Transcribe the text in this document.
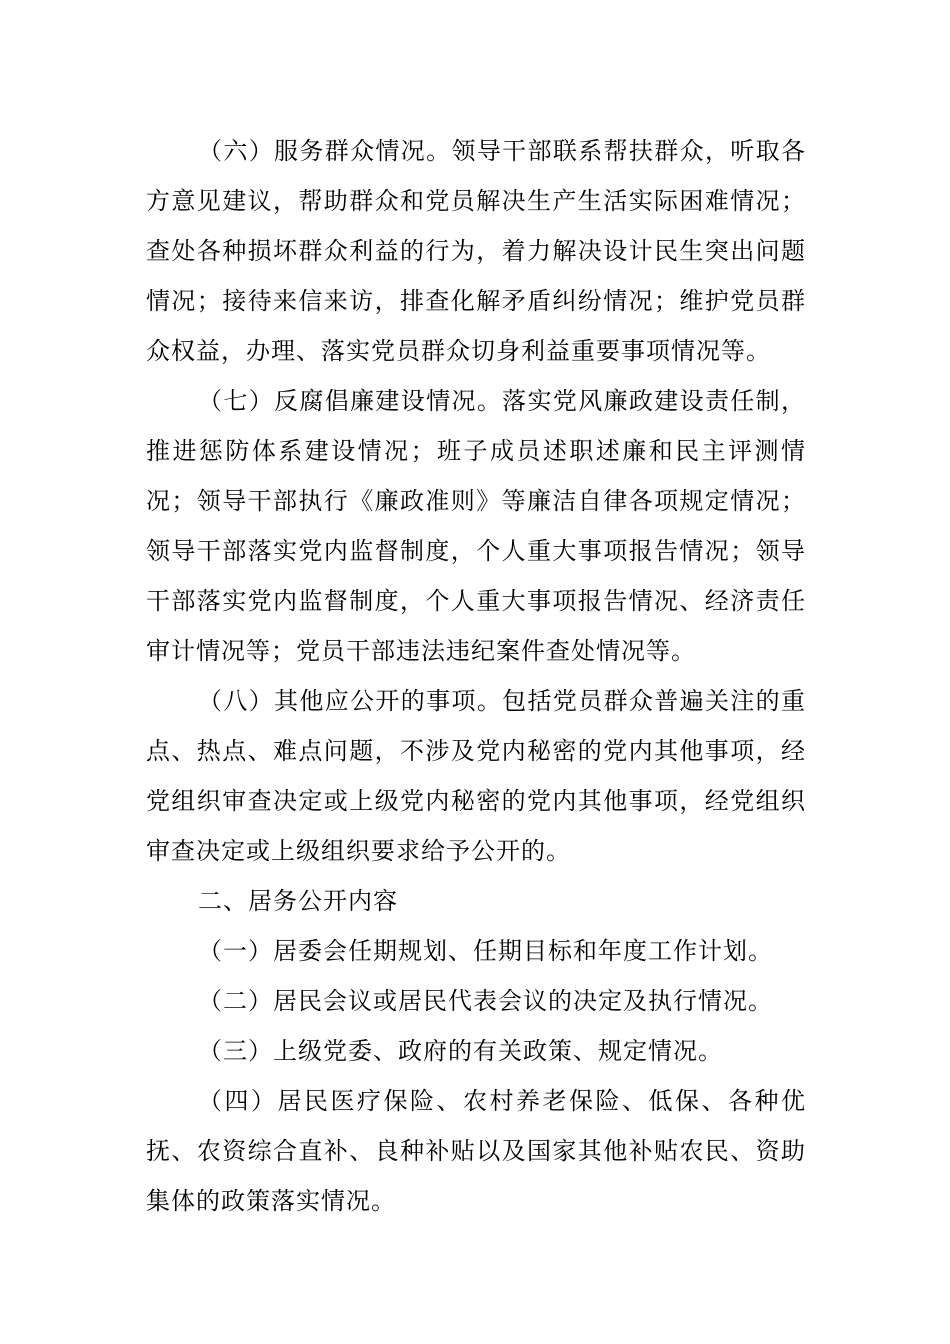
（六）服务群众情况。领导干部联系帮扶群众，听取各方意见建议，帮助群众和党员解决生产生活实际困难情况；查处各种损坏群众利益的行为，着力解决设计民生突出问题情况；接待来信来访，排查化解矛盾纠纷情况；维护党员群众权益，办理、落实党员群众切身利益重要事项情况等。

（七）反腐倡廉建设情况。落实党风廉政建设责任制，推进惩防体系建设情况；班子成员述职述廉和民主评测情况；领导干部执行《廉政准则》等廉洁自律各项规定情况；领导干部落实党内监督制度，个人重大事项报告情况；领导干部落实党内监督制度，个人重大事项报告情况、经济责任审计情况等；党员干部违法违纪案件查处情况等。

（八）其他应公开的事项。包括党员群众普遍关注的重点、热点、难点问题，不涉及党内秘密的党内其他事项，经党组织审查决定或上级党内秘密的党内其他事项，经党组织审查决定或上级组织要求给予公开的。

二、居务公开内容

（一）居委会任期规划、任期目标和年度工作计划。

（二）居民会议或居民代表会议的决定及执行情况。

（三）上级党委、政府的有关政策、规定情况。

（四）居民医疗保险、农村养老保险、低保、各种优抚、农资综合直补、良种补贴以及国家其他补贴农民、资助集体的政策落实情况。
